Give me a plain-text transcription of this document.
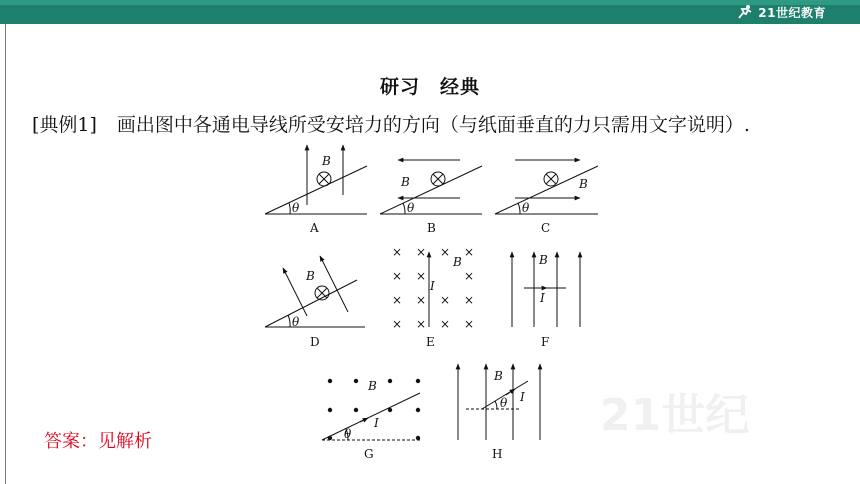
21世纪教育
研习　经典
[典例1] 画出图中各通电导线所受安培力的方向（与纸面垂直的力只需用文字说明）.
答案：见解析
21世纪
A	B	C
D	E	F
G	H
B
B	B
B
B	B
B
B
θ	θ	θ
θ
θ
θ
I
I
I
I
× × × ×
× ×	×
× × × ×
× × × ×
